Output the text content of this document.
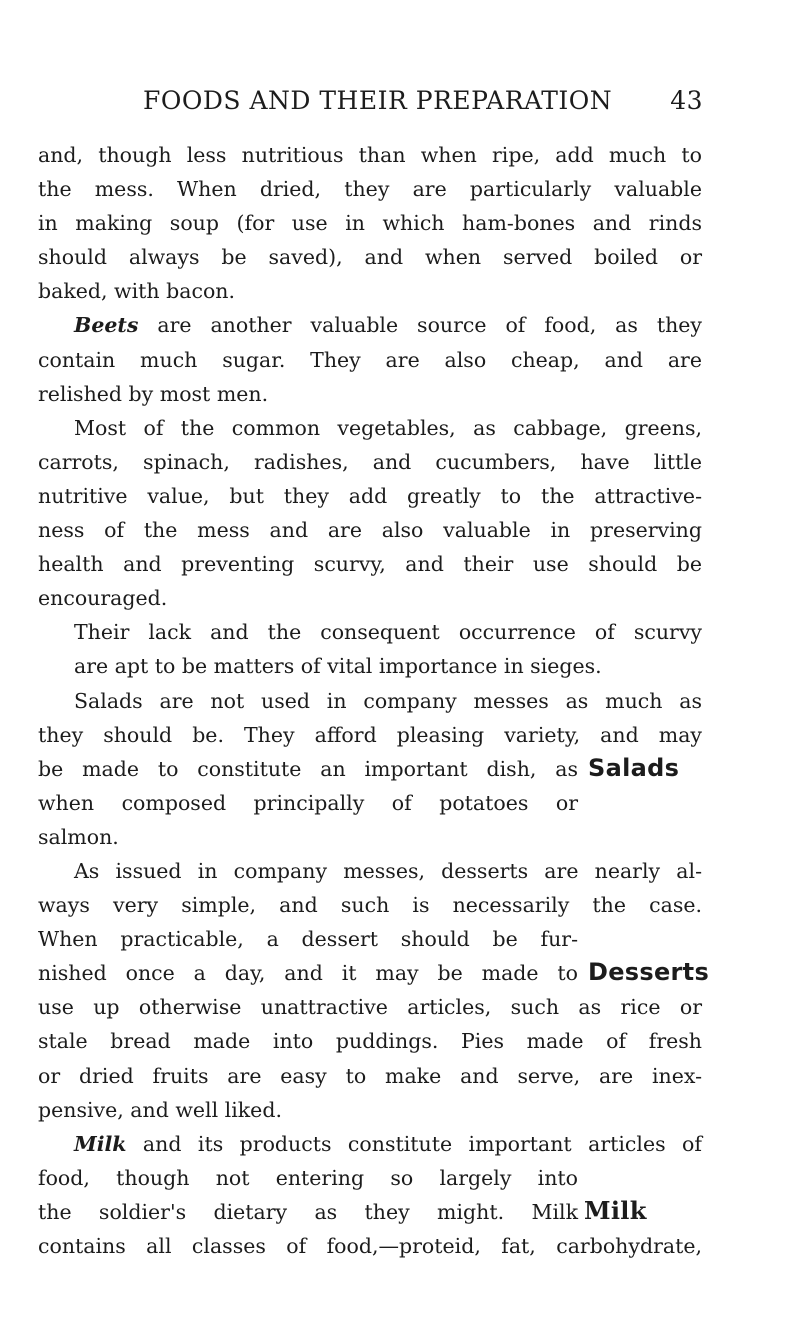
FOODS AND THEIR PREPARATION 43
and, though less nutritious than when ripe, add much to
the mess. When dried, they are particularly valuable
in making soup (for use in which ham-bones and rinds
should always be saved), and when served boiled or
baked, with bacon.
Beets are another valuable source of food, as they
contain much sugar. They are also cheap, and are
relished by most men.
Most of the common vegetables, as cabbage, greens,
carrots, spinach, radishes, and cucumbers, have little
nutritive value, but they add greatly to the attractive-
ness of the mess and are also valuable in preserving
health and preventing scurvy, and their use should be
encouraged.
Their lack and the consequent occurrence of scurvy
are apt to be matters of vital importance in sieges.
Salads are not used in company messes as much as
they should be. They afford pleasing variety, and may
be made to constitute an important dish, as
when composed principally of potatoes or
salmon.
As issued in company messes, desserts are nearly al-
ways very simple, and such is necessarily the case.
When practicable, a dessert should be fur-
nished once a day, and it may be made to
use up otherwise unattractive articles, such as rice or
stale bread made into puddings. Pies made of fresh
or dried fruits are easy to make and serve, are inex-
pensive, and well liked.
Milk and its products constitute important articles of
food, though not entering so largely into
the soldier's dietary as they might. Milk
contains all classes of food,—proteid, fat, carbohydrate,
Salads
Desserts
Milk
